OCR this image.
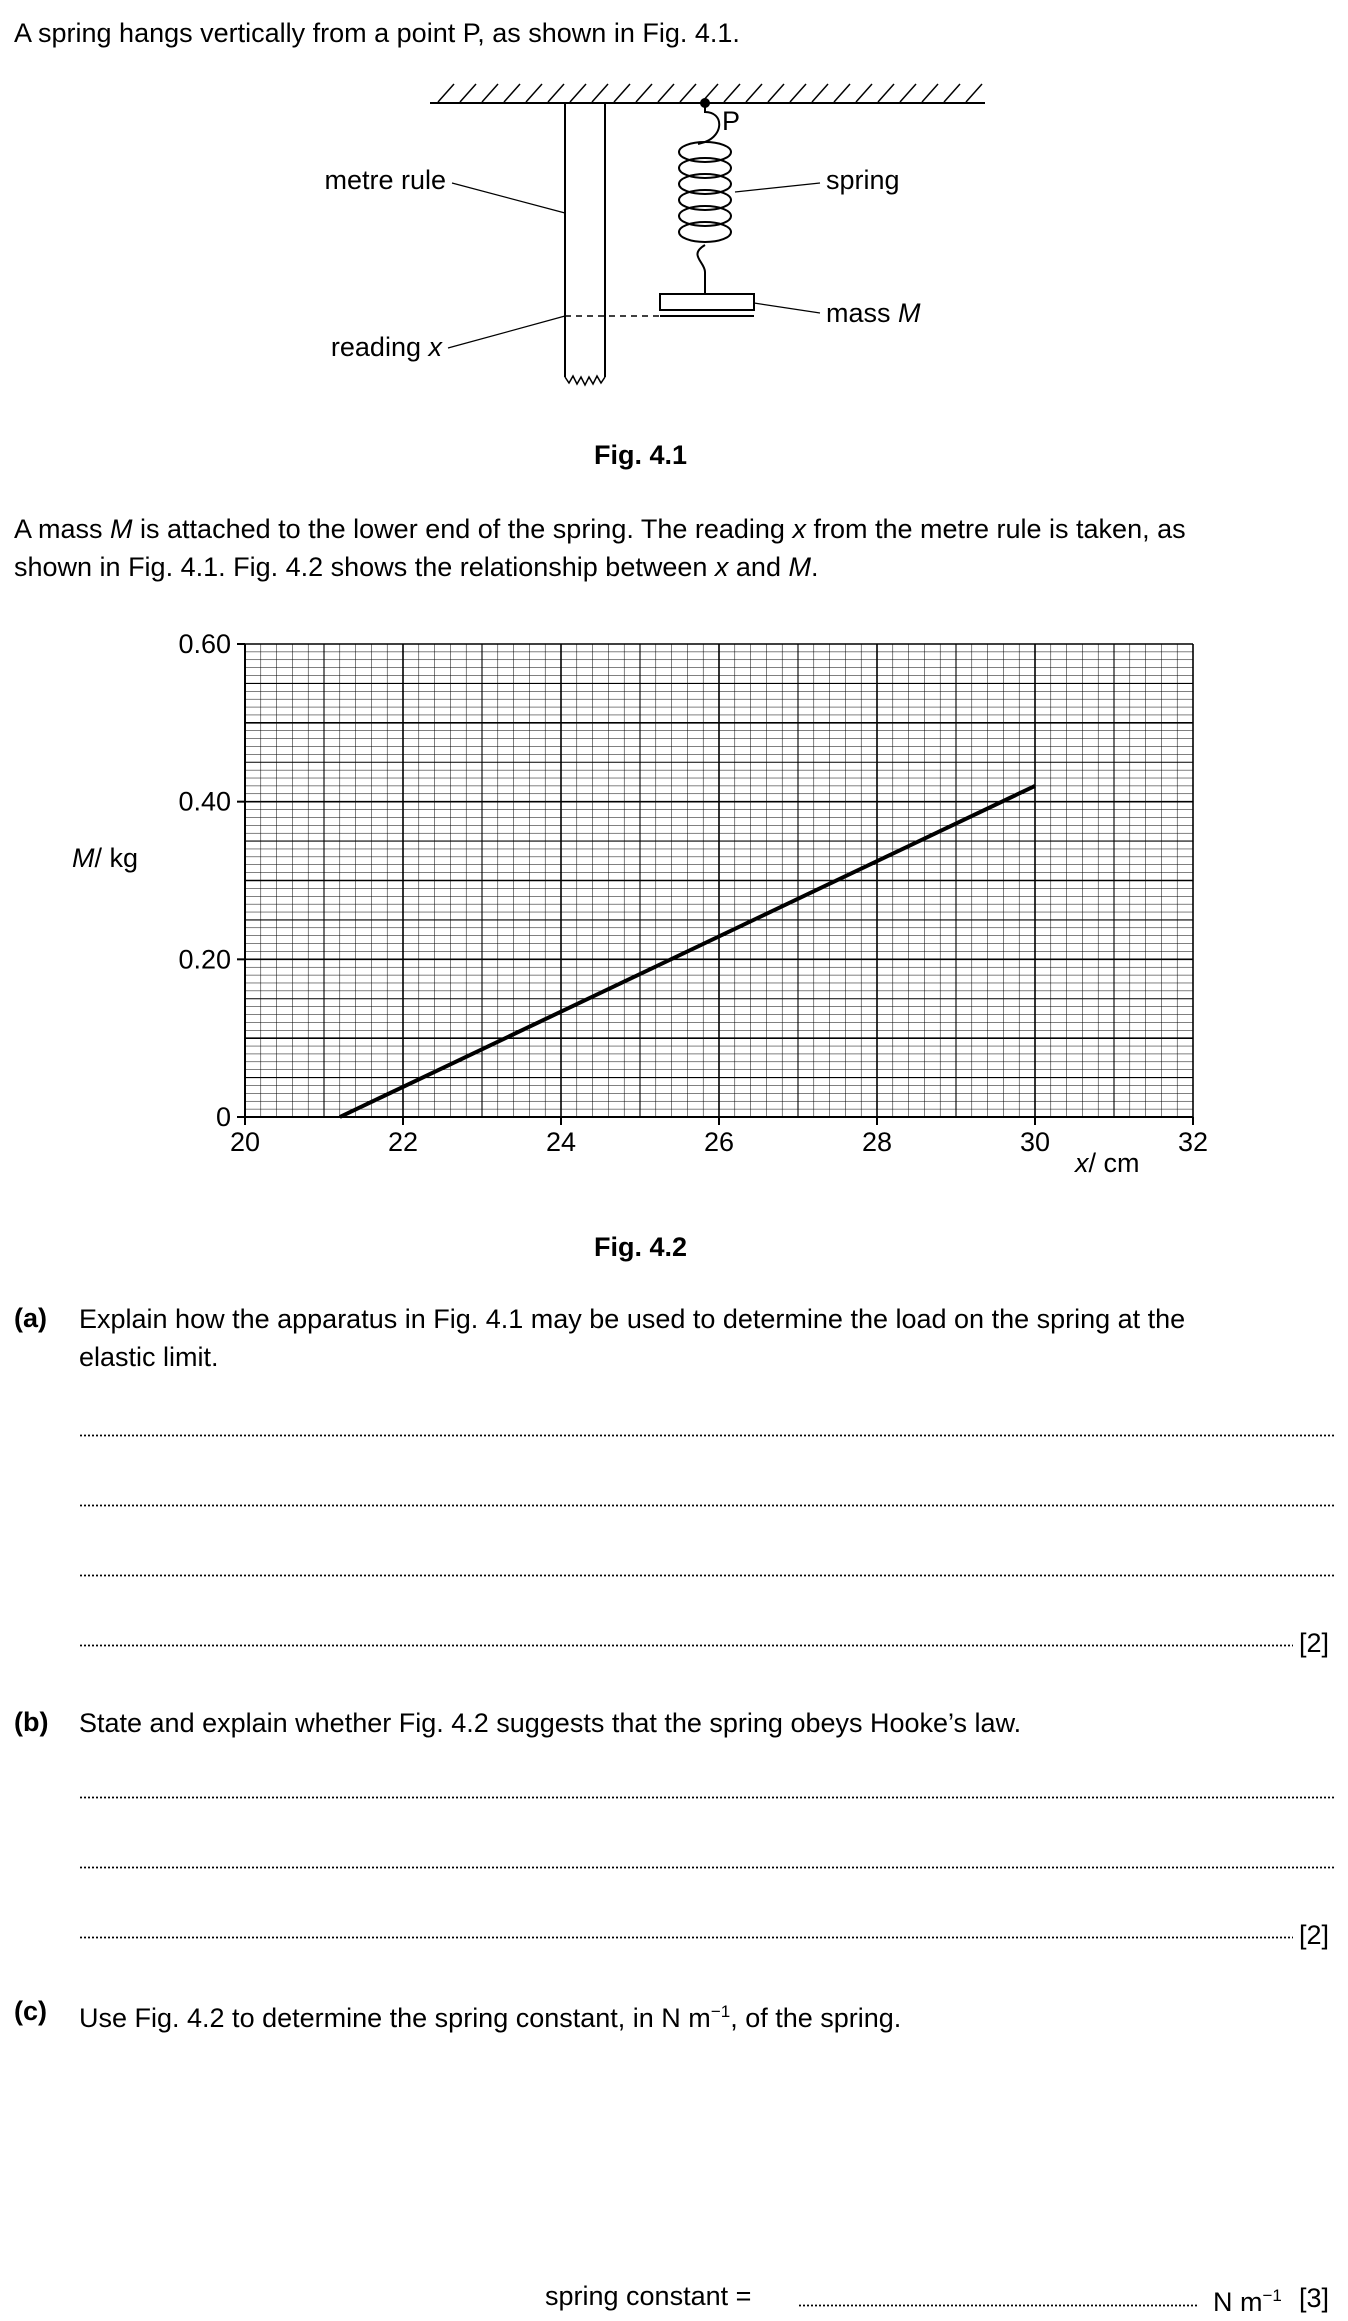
A spring hangs vertically from a point P, as shown in Fig. 4.1.
P
metre rule	spring
mass M
reading x
Fig. 4.1
A mass M is attached to the lower end of the spring. The reading x from the metre rule is taken, as
shown in Fig. 4.1. Fig. 4.2 shows the relationship between x and M.
20	22	24	26	28	30	32
0
0.20
0.40
0.60
M/ kg
x/ cm
Fig. 4.2
(a) Explain how the apparatus in Fig. 4.1 may be used to determine the load on the spring at the
elastic limit.
[2]
(b) State and explain whether Fig. 4.2 suggests that the spring obeys Hooke’s law.
[2]
(c) Use Fig. 4.2 to determine the spring constant, in N $m^{-1}$, of the spring.
spring constant =	N $m^{-1}$ [3]
